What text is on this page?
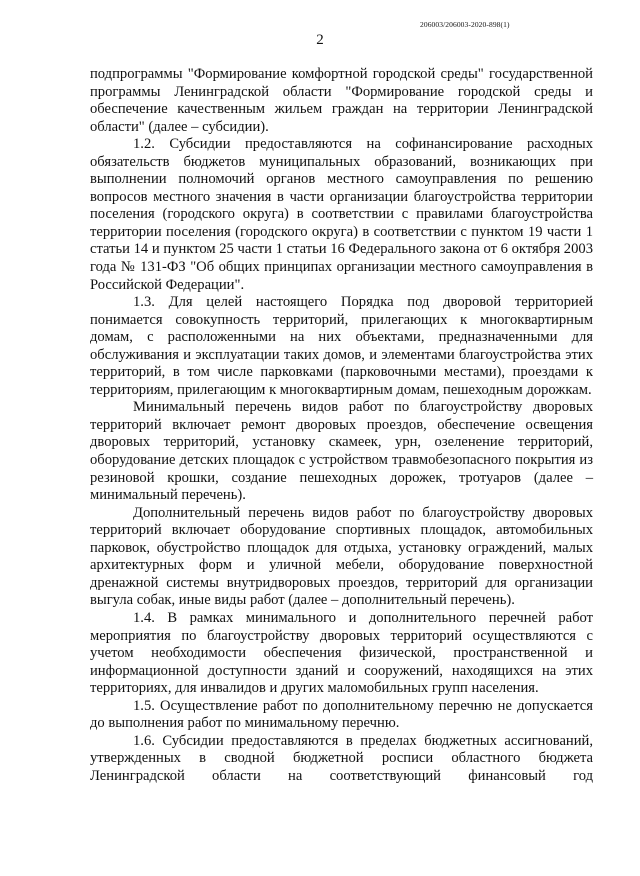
206003/206003-2020-898(1)
2

подпрограммы "Формирование комфортной городской среды" государственной программы Ленинградской области "Формирование городской среды и обеспечение качественным жильем граждан на территории Ленинградской области" (далее – субсидии).

1.2. Субсидии предоставляются на софинансирование расходных обязательств бюджетов муниципальных образований, возникающих при выполнении полномочий органов местного самоуправления по решению вопросов местного значения в части организации благоустройства территории поселения (городского округа) в соответствии с правилами благоустройства территории поселения (городского округа) в соответствии с пунктом 19 части 1 статьи 14 и пунктом 25 части 1 статьи 16 Федерального закона от 6 октября 2003 года № 131-ФЗ "Об общих принципах организации местного самоуправления в Российской Федерации".

1.3. Для целей настоящего Порядка под дворовой территорией понимается совокупность территорий, прилегающих к многоквартирным домам, с расположенными на них объектами, предназначенными для обслуживания и эксплуатации таких домов, и элементами благоустройства этих территорий, в том числе парковками (парковочными местами), проездами к территориям, прилегающим к многоквартирным домам, пешеходным дорожкам.

Минимальный перечень видов работ по благоустройству дворовых территорий включает ремонт дворовых проездов, обеспечение освещения дворовых территорий, установку скамеек, урн, озеленение территорий, оборудование детских площадок с устройством травмобезопасного покрытия из резиновой крошки, создание пешеходных дорожек, тротуаров (далее – минимальный перечень).

Дополнительный перечень видов работ по благоустройству дворовых территорий включает оборудование спортивных площадок, автомобильных парковок, обустройство площадок для отдыха, установку ограждений, малых архитектурных форм и уличной мебели, оборудование поверхностной дренажной системы внутридворовых проездов, территорий для организации выгула собак, иные виды работ (далее – дополнительный перечень).

1.4. В рамках минимального и дополнительного перечней работ мероприятия по благоустройству дворовых территорий осуществляются с учетом необходимости обеспечения физической, пространственной и информационной доступности зданий и сооружений, находящихся на этих территориях, для инвалидов и других маломобильных групп населения.

1.5. Осуществление работ по дополнительному перечню не допускается до выполнения работ по минимальному перечню.

1.6. Субсидии предоставляются в пределах бюджетных ассигнований, утвержденных в сводной бюджетной росписи областного бюджета Ленинградской области на соответствующий финансовый год
